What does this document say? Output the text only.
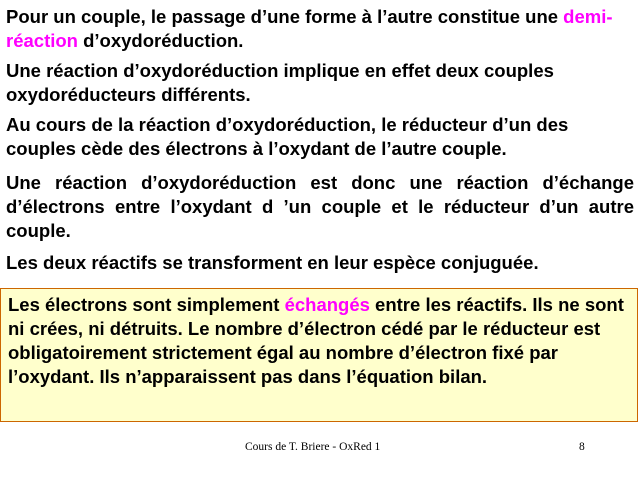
Pour un couple, le passage d’une forme à l’autre constitue une demi-réaction d’oxydoréduction.

Une réaction d’oxydoréduction implique en effet deux couples oxydoréducteurs différents.

Au cours de la réaction d’oxydoréduction, le réducteur d’un des couples cède des électrons à l’oxydant de l’autre couple.

Une réaction d’oxydoréduction est donc une réaction d’échange d’électrons entre l’oxydant d ’un couple et le réducteur d’un autre couple.

Les deux réactifs se transforment en leur espèce conjuguée.

Les électrons sont simplement échangés entre les réactifs. Ils ne sont ni crées, ni détruits. Le nombre d’électron cédé par le réducteur est obligatoirement strictement égal au nombre d’électron fixé par l’oxydant. Ils n’apparaissent pas dans l’équation bilan.

Cours de T. Briere - OxRed 1	8
